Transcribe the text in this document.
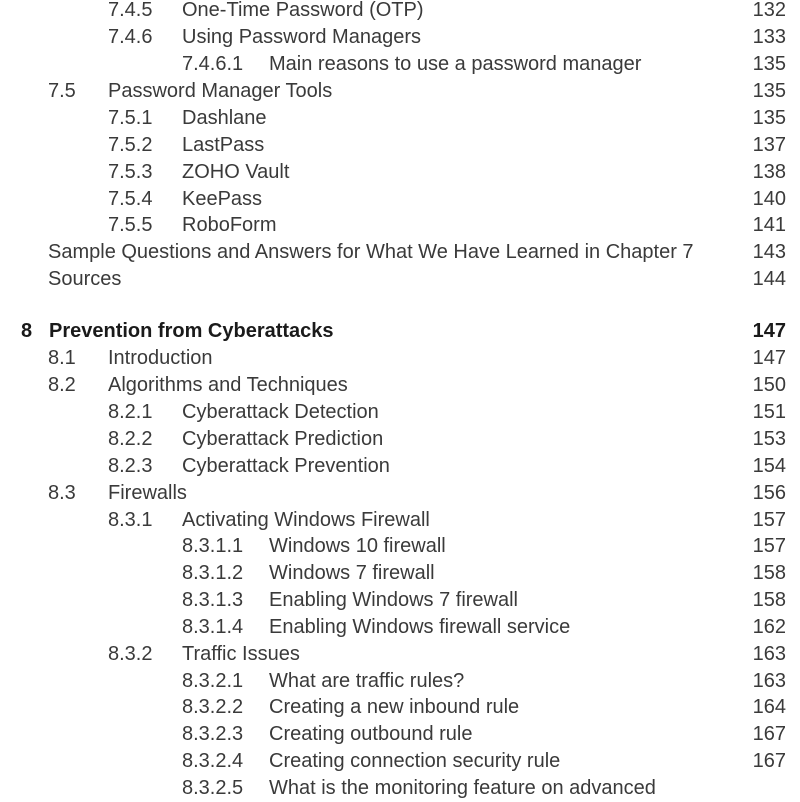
7.4.5 One-Time Password (OTP)	132
7.4.6 Using Password Managers	133
7.4.6.1 Main reasons to use a password manager	135
7.5 Password Manager Tools	135
7.5.1 Dashlane	135
7.5.2 LastPass	137
7.5.3 ZOHO Vault	138
7.5.4 KeePass	140
7.5.5 RoboForm	141
Sample Questions and Answers for What We Have Learned in Chapter 7	143
Sources	144
8 Prevention from Cyberattacks	147
8.1 Introduction	147
8.2 Algorithms and Techniques	150
8.2.1 Cyberattack Detection	151
8.2.2 Cyberattack Prediction	153
8.2.3 Cyberattack Prevention	154
8.3 Firewalls	156
8.3.1 Activating Windows Firewall	157
8.3.1.1 Windows 10 firewall	157
8.3.1.2 Windows 7 firewall	158
8.3.1.3 Enabling Windows 7 firewall	158
8.3.1.4 Enabling Windows firewall service	162
8.3.2 Traffic Issues	163
8.3.2.1 What are traffic rules?	163
8.3.2.2 Creating a new inbound rule	164
8.3.2.3 Creating outbound rule	167
8.3.2.4 Creating connection security rule	167
8.3.2.5 What is the monitoring feature on advanced
